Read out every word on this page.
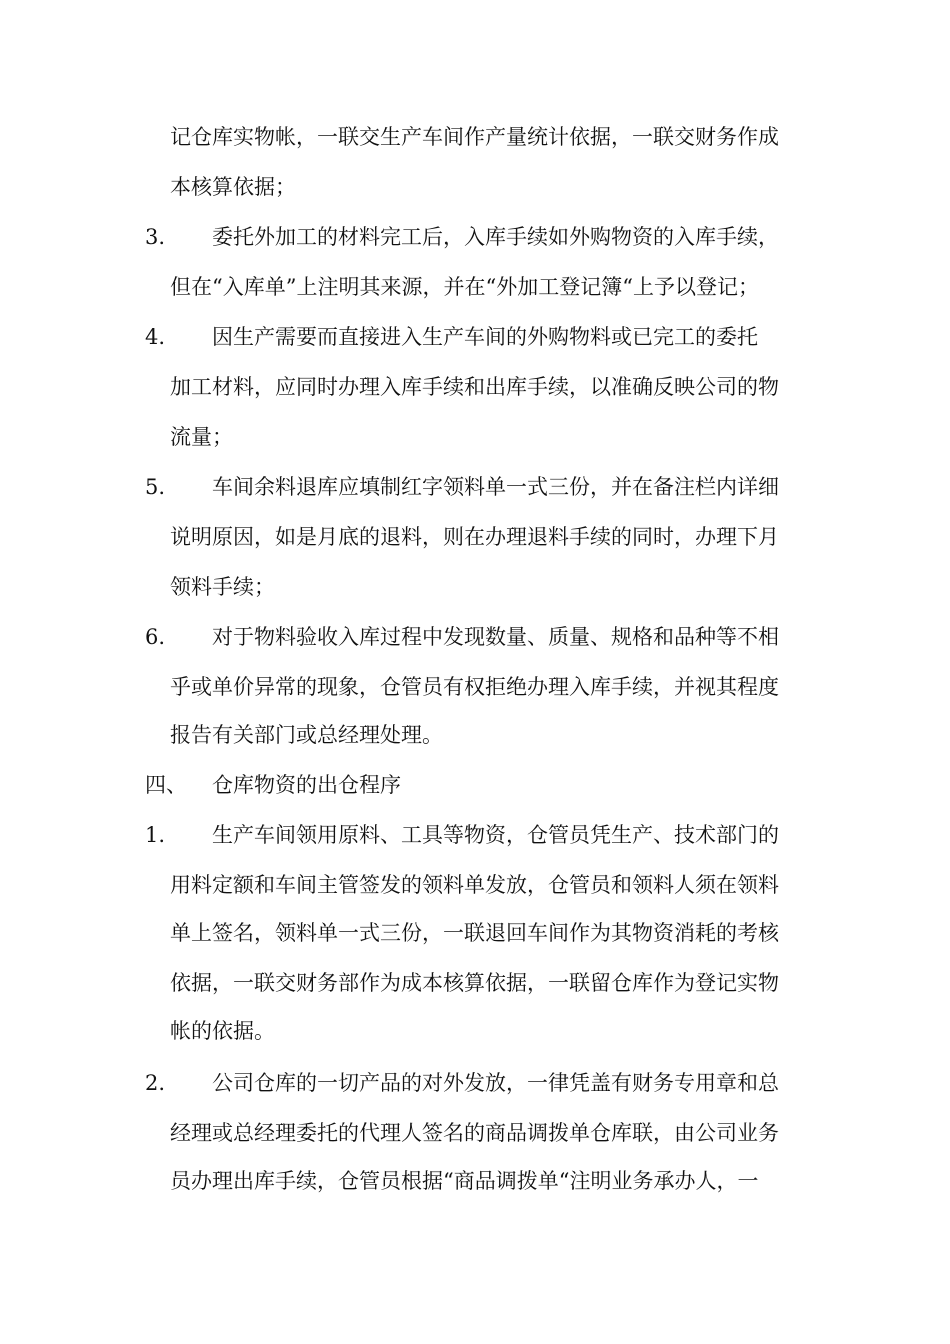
记仓库实物帐，一联交生产车间作产量统计依据，一联交财务作成
本核算依据；
3. 委托外加工的材料完工后，入库手续如外购物资的入库手续，
但在“入库单”上注明其来源，并在“外加工登记簿“上予以登记；
4. 因生产需要而直接进入生产车间的外购物料或已完工的委托
加工材料，应同时办理入库手续和出库手续，以准确反映公司的物
流量；
5. 车间余料退库应填制红字领料单一式三份，并在备注栏内详细
说明原因，如是月底的退料，则在办理退料手续的同时，办理下月
领料手续；
6. 对于物料验收入库过程中发现数量、质量、规格和品种等不相
乎或单价异常的现象，仓管员有权拒绝办理入库手续，并视其程度
报告有关部门或总经理处理。
四、 仓库物资的出仓程序
1. 生产车间领用原料、工具等物资，仓管员凭生产、技术部门的
用料定额和车间主管签发的领料单发放，仓管员和领料人须在领料
单上签名，领料单一式三份，一联退回车间作为其物资消耗的考核
依据，一联交财务部作为成本核算依据，一联留仓库作为登记实物
帐的依据。
2. 公司仓库的一切产品的对外发放，一律凭盖有财务专用章和总
经理或总经理委托的代理人签名的商品调拨单仓库联，由公司业务
员办理出库手续，仓管员根据“商品调拨单“注明业务承办人，一
